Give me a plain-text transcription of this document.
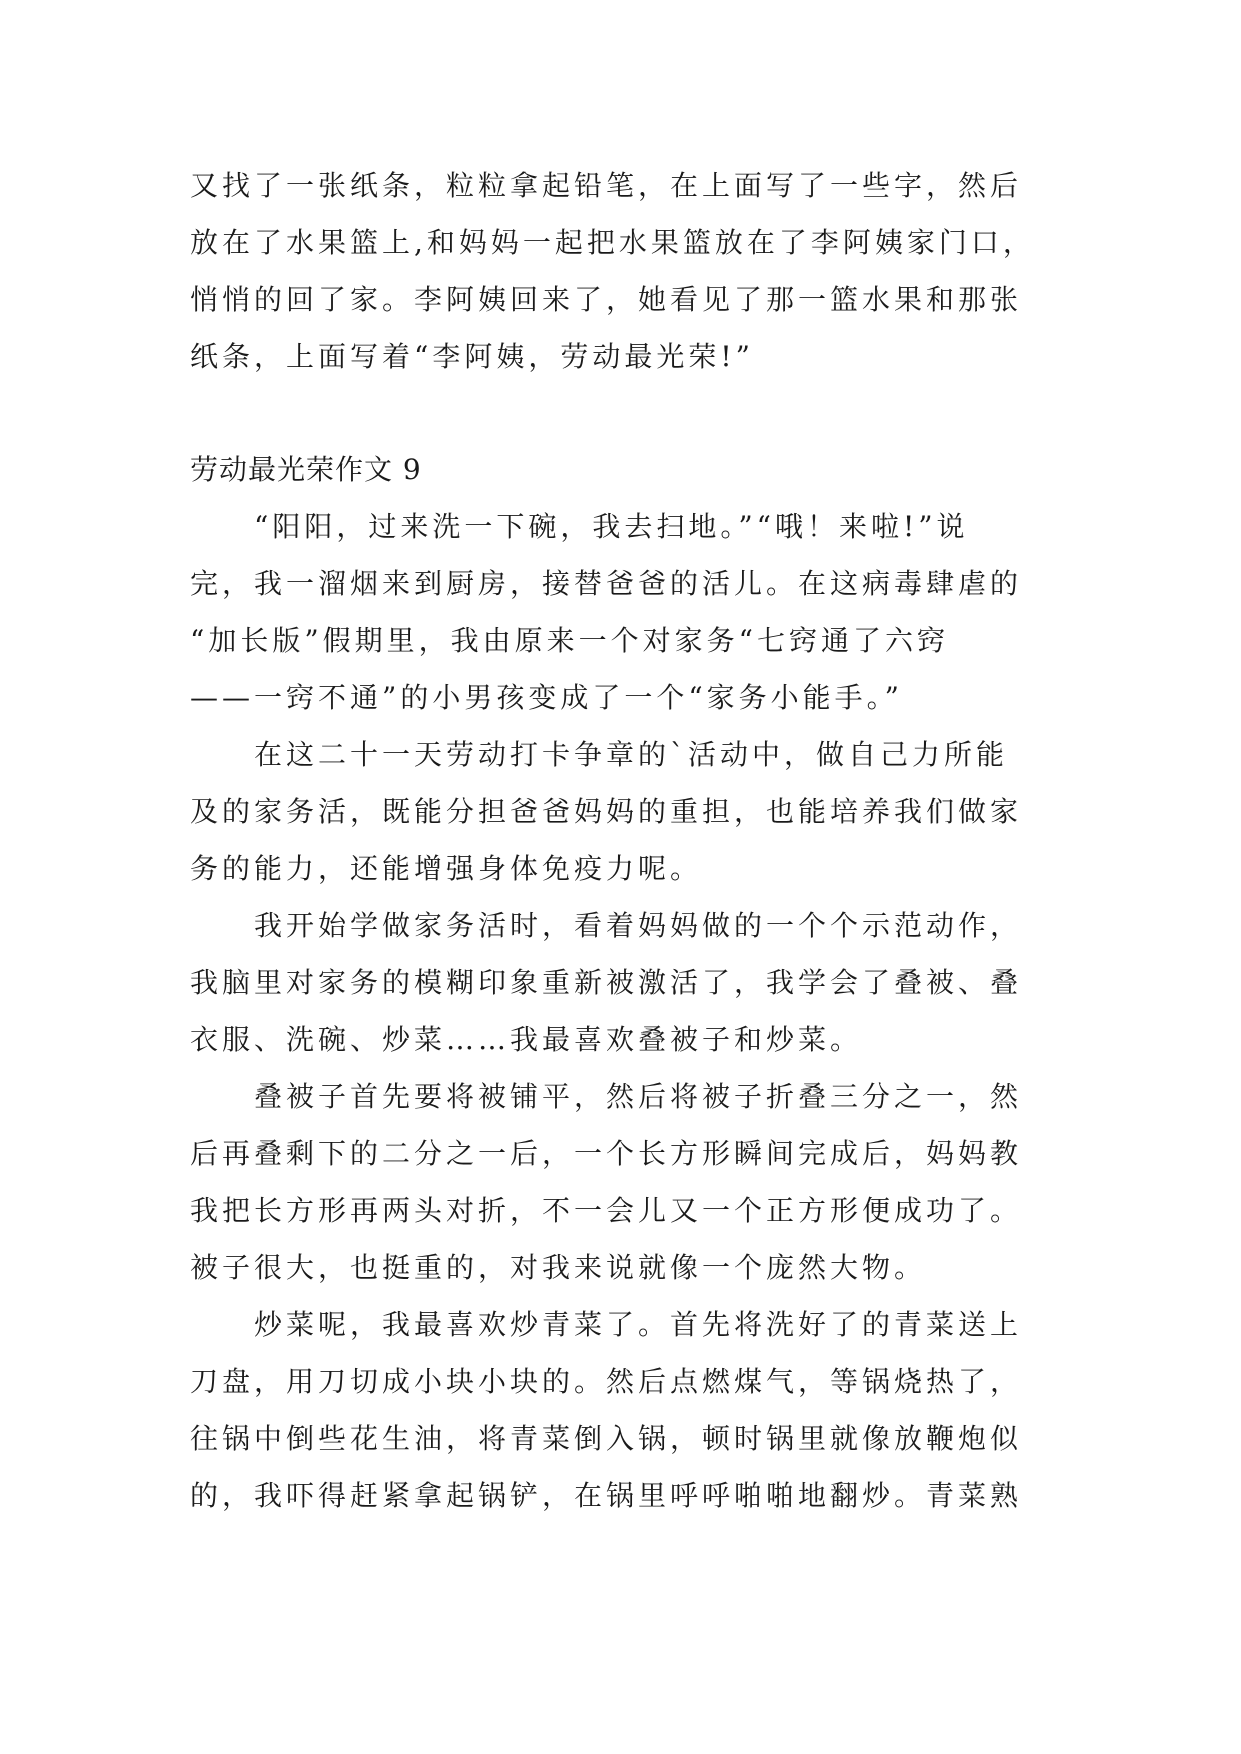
又找了一张纸条，粒粒拿起铅笔，在上面写了一些字，然后
放在了水果篮上,和妈妈一起把水果篮放在了李阿姨家门口，
悄悄的回了家。李阿姨回来了，她看见了那一篮水果和那张
纸条，上面写着“李阿姨，劳动最光荣!”
劳动最光荣作文 9
　　“阳阳，过来洗一下碗，我去扫地。”“哦！来啦!”说
完，我一溜烟来到厨房，接替爸爸的活儿。在这病毒肆虐的
“加长版”假期里，我由原来一个对家务“七窍通了六窍
——一窍不通”的小男孩变成了一个“家务小能手。”
　　在这二十一天劳动打卡争章的`活动中，做自己力所能
及的家务活，既能分担爸爸妈妈的重担，也能培养我们做家
务的能力，还能增强身体免疫力呢。
　　我开始学做家务活时，看着妈妈做的一个个示范动作，
我脑里对家务的模糊印象重新被激活了，我学会了叠被、叠
衣服、洗碗、炒菜……我最喜欢叠被子和炒菜。
　　叠被子首先要将被铺平，然后将被子折叠三分之一，然
后再叠剩下的二分之一后，一个长方形瞬间完成后，妈妈教
我把长方形再两头对折，不一会儿又一个正方形便成功了。
被子很大，也挺重的，对我来说就像一个庞然大物。
　　炒菜呢，我最喜欢炒青菜了。首先将洗好了的青菜送上
刀盘，用刀切成小块小块的。然后点燃煤气，等锅烧热了，
往锅中倒些花生油，将青菜倒入锅，顿时锅里就像放鞭炮似
的，我吓得赶紧拿起锅铲，在锅里呼呼啪啪地翻炒。青菜熟
